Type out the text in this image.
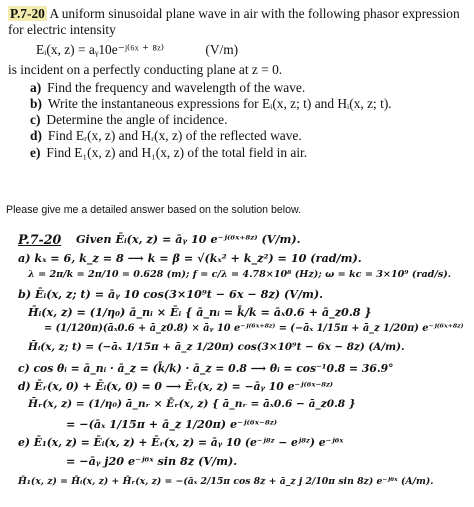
P.7-20 A uniform sinusoidal plane wave in air with the following phasor expression for electric intensity

Eᵢ(x, z) = aᵧ10e⁻ʲ⁽⁶ˣ ⁺ ⁸ᶻ⁾	(V/m)

is incident on a perfectly conducting plane at z = 0.

a) Find the frequency and wavelength of the wave.
b) Write the instantaneous expressions for Eᵢ(x, z; t) and Hᵢ(x, z; t).
c) Determine the angle of incidence.
d) Find Eᵣ(x, z) and Hᵣ(x, z) of the reflected wave.
e) Find E₁(x, z) and H₁(x, z) of the total field in air.
Please give me a detailed answer based on the solution below.
P.7-20 Given Ēᵢ(x, z) = āᵧ 10 e⁻ʲ⁽⁶ˣ⁺⁸ᶻ⁾ (V/m).
a) kₓ = 6, k_z = 8 ⟶ k = β = √(kₓ² + k_z²) = 10 (rad/m).
λ = 2π/k = 2π/10 = 0.628 (m); f = c/λ = 4.78×10⁸ (Hz); ω = kc = 3×10⁹ (rad/s).
b) Ēᵢ(x, z; t) = āᵧ 10 cos(3×10⁹t − 6x − 8z) (V/m).
H̄ᵢ(x, z) = (1/η₀) ā_nᵢ × Ēᵢ { ā_nᵢ = k̄/k = āₓ0.6 + ā_z0.8 }
= (1/120π)(āₓ0.6 + ā_z0.8) × āᵧ 10 e⁻ʲ⁽⁶ˣ⁺⁸ᶻ⁾ = (−āₓ 1/15π + ā_z 1/20π) e⁻ʲ⁽⁶ˣ⁺⁸ᶻ⁾
H̄ᵢ(x, z; t) = (−āₓ 1/15π + ā_z 1/20π) cos(3×10⁹t − 6x − 8z) (A/m).
c) cos θᵢ = ā_nᵢ · ā_z = (k̄/k) · ā_z = 0.8 ⟶ θᵢ = cos⁻¹0.8 = 36.9°
d) Ēᵣ(x, 0) + Ēᵢ(x, 0) = 0 ⟶ Ēᵣ(x, z) = −āᵧ 10 e⁻ʲ⁽⁶ˣ⁻⁸ᶻ⁾
H̄ᵣ(x, z) = (1/η₀) ā_nᵣ × Ēᵣ(x, z) { ā_nᵣ = āₓ0.6 − ā_z0.8 }
= −(āₓ 1/15π + ā_z 1/20π) e⁻ʲ⁽⁶ˣ⁻⁸ᶻ⁾
e) Ē₁(x, z) = Ēᵢ(x, z) + Ēᵣ(x, z) = āᵧ 10 (e⁻ʲ⁸ᶻ − eʲ⁸ᶻ) e⁻ʲ⁶ˣ
= −āᵧ j20 e⁻ʲ⁶ˣ sin 8z (V/m).
H̄₁(x, z) = H̄ᵢ(x, z) + H̄ᵣ(x, z) = −(āₓ 2/15π cos 8z + ā_z j 2/10π sin 8z) e⁻ʲ⁶ˣ (A/m).
